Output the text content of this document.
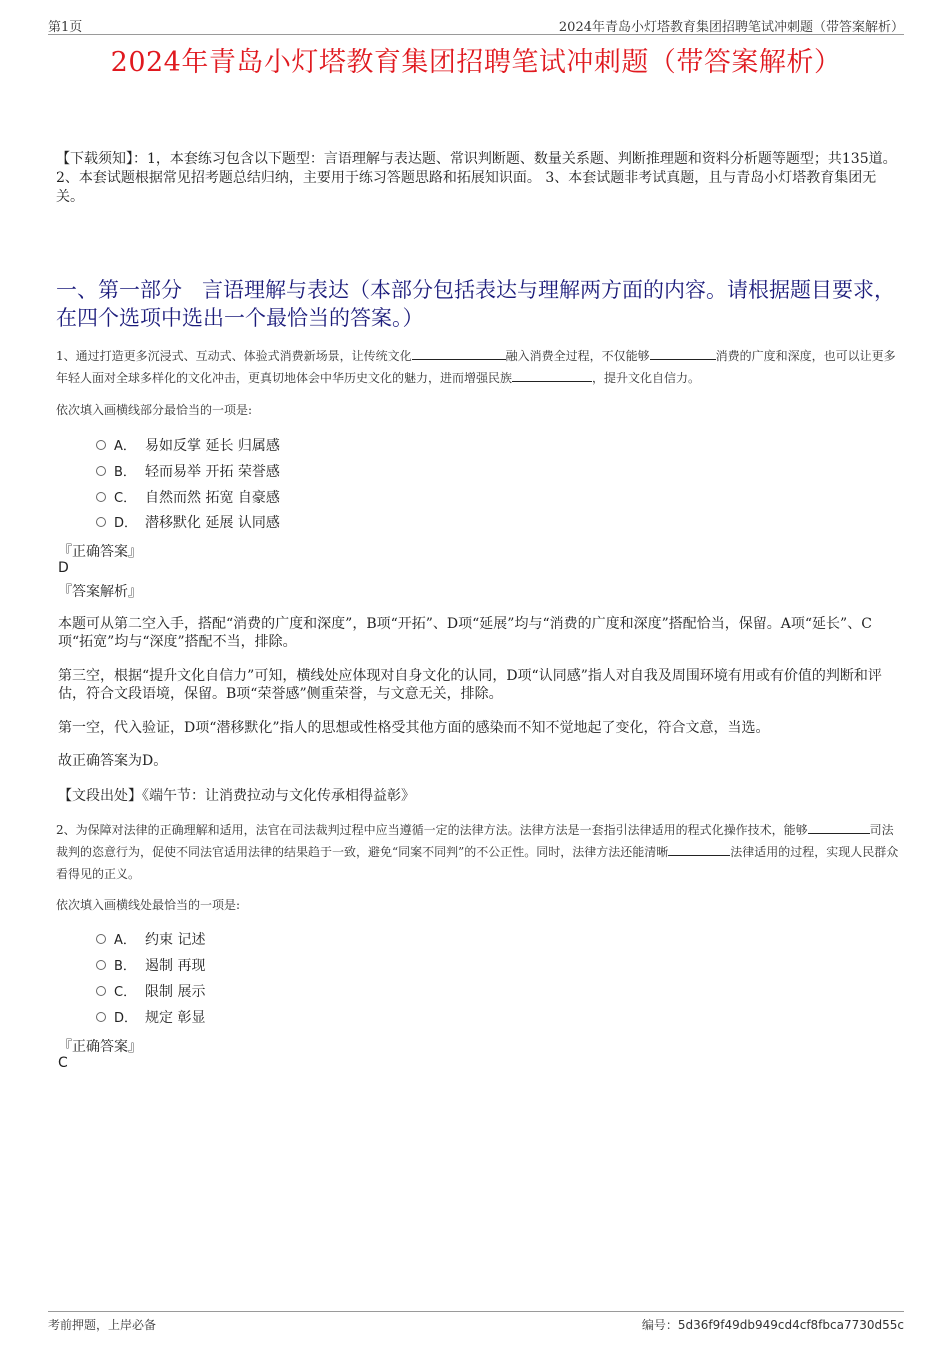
第1页	2024年青岛小灯塔教育集团招聘笔试冲刺题（带答案解析）
2024年青岛小灯塔教育集团招聘笔试冲刺题（带答案解析）
【下载须知】：1，本套练习包含以下题型：言语理解与表达题、常识判断题、数量关系题、判断推理题和资料分析题等题型；共135道。 2、本套试题根据常见招考题总结归纳，主要用于练习答题思路和拓展知识面。 3、本套试题非考试真题，且与青岛小灯塔教育集团无关。
一、第一部分 言语理解与表达（本部分包括表达与理解两方面的内容。请根据题目要求，在四个选项中选出一个最恰当的答案。）
1、通过打造更多沉浸式、互动式、体验式消费新场景，让传统文化	融入消费全过程，不仅能够	消费的广度和深度，也可以让更多年轻人面对全球多样化的文化冲击，更真切地体会中华历史文化的魅力，进而增强民族	，提升文化自信力。
依次填入画横线部分最恰当的一项是:
A． 易如反掌 延长 归属感
B． 轻而易举 开拓 荣誉感
C． 自然而然 拓宽 自豪感
D． 潜移默化 延展 认同感
『正确答案』
D
『答案解析』
本题可从第二空入手，搭配“消费的广度和深度”，B项“开拓”、D项“延展”均与“消费的广度和深度”搭配恰当，保留。A项“延长”、C项“拓宽”均与“深度”搭配不当，排除。
第三空，根据“提升文化自信力”可知，横线处应体现对自身文化的认同，D项“认同感”指人对自我及周围环境有用或有价值的判断和评估，符合文段语境，保留。B项“荣誉感”侧重荣誉，与文意无关，排除。
第一空，代入验证，D项“潜移默化”指人的思想或性格受其他方面的感染而不知不觉地起了变化，符合文意，当选。
故正确答案为D。
【文段出处】《端午节：让消费拉动与文化传承相得益彰》
2、为保障对法律的正确理解和适用，法官在司法裁判过程中应当遵循一定的法律方法。法律方法是一套指引法律适用的程式化操作技术，能够	司法裁判的恣意行为，促使不同法官适用法律的结果趋于一致，避免“同案不同判”的不公正性。同时，法律方法还能清晰	法律适用的过程，实现人民群众看得见的正义。
依次填入画横线处最恰当的一项是:
A． 约束 记述
B． 遏制 再现
C． 限制 展示
D． 规定 彰显
『正确答案』
C
考前押题，上岸必备	编号：5d36f9f49db949cd4cf8fbca7730d55c
